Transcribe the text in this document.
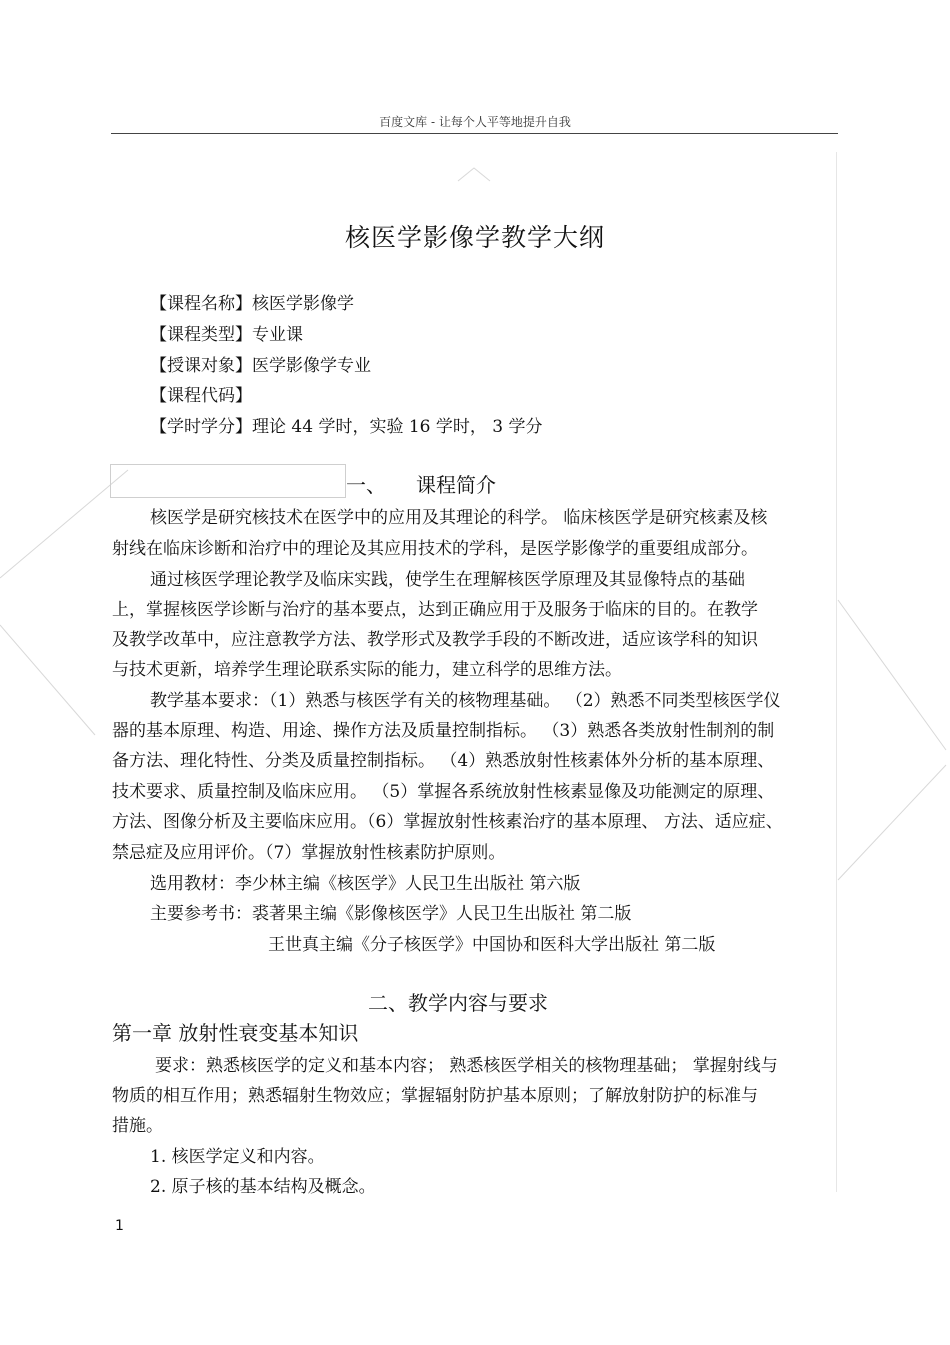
百度文库 - 让每个人平等地提升自我
核医学影像学教学大纲
【课程名称】核医学影像学
【课程类型】专业课
【授课对象】医学影像学专业
【课程代码】
【学时学分】理论 44 学时，实验 16 学时， 3 学分
一、 课程简介
核医学是研究核技术在医学中的应用及其理论的科学。 临床核医学是研究核素及核
射线在临床诊断和治疗中的理论及其应用技术的学科，是医学影像学的重要组成部分。
通过核医学理论教学及临床实践，使学生在理解核医学原理及其显像特点的基础
上，掌握核医学诊断与治疗的基本要点，达到正确应用于及服务于临床的目的。在教学
及教学改革中，应注意教学方法、教学形式及教学手段的不断改进，适应该学科的知识
与技术更新，培养学生理论联系实际的能力，建立科学的思维方法。
教学基本要求：（1）熟悉与核医学有关的核物理基础。 （2）熟悉不同类型核医学仪
器的基本原理、构造、用途、操作方法及质量控制指标。 （3）熟悉各类放射性制剂的制
备方法、理化特性、分类及质量控制指标。 （4）熟悉放射性核素体外分析的基本原理、
技术要求、质量控制及临床应用。 （5）掌握各系统放射性核素显像及功能测定的原理、
方法、图像分析及主要临床应用。（6）掌握放射性核素治疗的基本原理、 方法、适应症、
禁忌症及应用评价。（7）掌握放射性核素防护原则。
选用教材：李少林主编《核医学》人民卫生出版社 第六版
主要参考书：裘著果主编《影像核医学》人民卫生出版社 第二版
王世真主编《分子核医学》中国协和医科大学出版社 第二版
二、教学内容与要求
第一章 放射性衰变基本知识
要求：熟悉核医学的定义和基本内容； 熟悉核医学相关的核物理基础； 掌握射线与
物质的相互作用；熟悉辐射生物效应；掌握辐射防护基本原则；了解放射防护的标准与
措施。
1. 核医学定义和内容。
2. 原子核的基本结构及概念。
1
